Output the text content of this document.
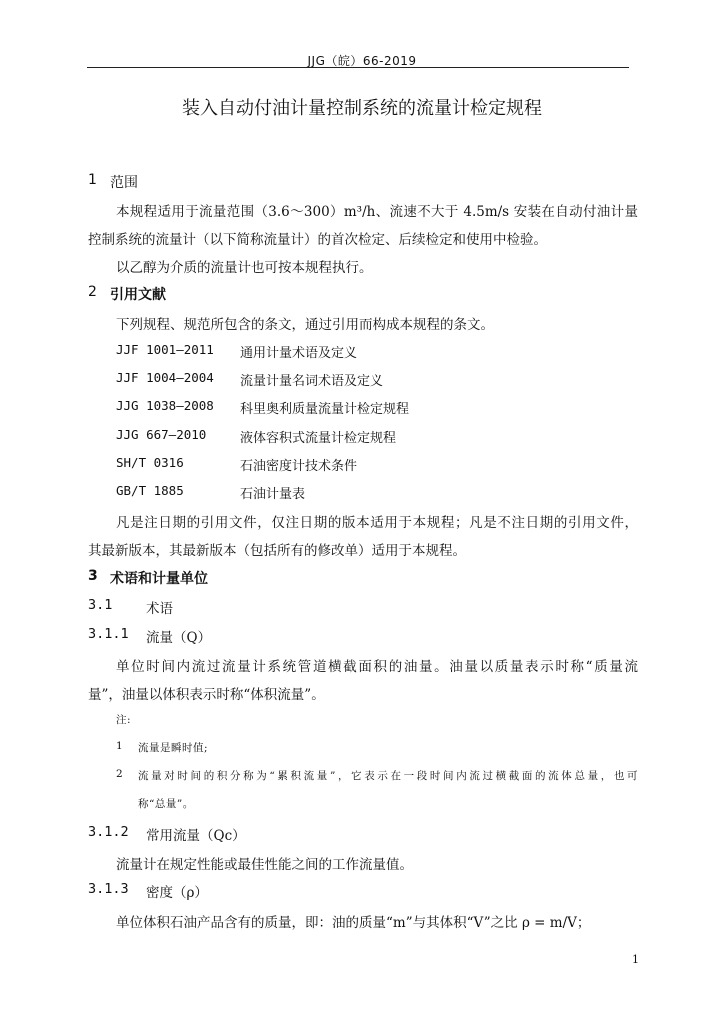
JJG（皖）66-2019
装入自动付油计量控制系统的流量计检定规程
1 范围
本规程适用于流量范围（3.6～300）m³/h、流速不大于 4.5m/s 安装在自动付油计量
控制系统的流量计（以下简称流量计）的首次检定、后续检定和使用中检验。
以乙醇为介质的流量计也可按本规程执行。
2 引用文献
下列规程、规范所包含的条文，通过引用而构成本规程的条文。
JJF 1001—2011 通用计量术语及定义
JJF 1004—2004 流量计量名词术语及定义
JJG 1038—2008 科里奥利质量流量计检定规程
JJG 667—2010	液体容积式流量计检定规程
SH/T 0316	石油密度计技术条件
GB/T 1885	石油计量表
凡是注日期的引用文件，仅注日期的版本适用于本规程；凡是不注日期的引用文件，
其最新版本，其最新版本（包括所有的修改单）适用于本规程。
3 术语和计量单位
3.1 术语
3.1.1 流量（Q）
单位时间内流过流量计系统管道横截面积的油量。油量以质量表示时称“质量流
量”，油量以体积表示时称“体积流量”。
注:
1 流量是瞬时值;
2 流量对时间的积分称为“累积流量”，它表示在一段时间内流过横截面的流体总量，也可
称“总量”。
3.1.2 常用流量（Qc）
流量计在规定性能或最佳性能之间的工作流量值。
3.1.3 密度（ρ）
单位体积石油产品含有的质量，即：油的质量“m”与其体积“V”之比 ρ = m/V；
1
